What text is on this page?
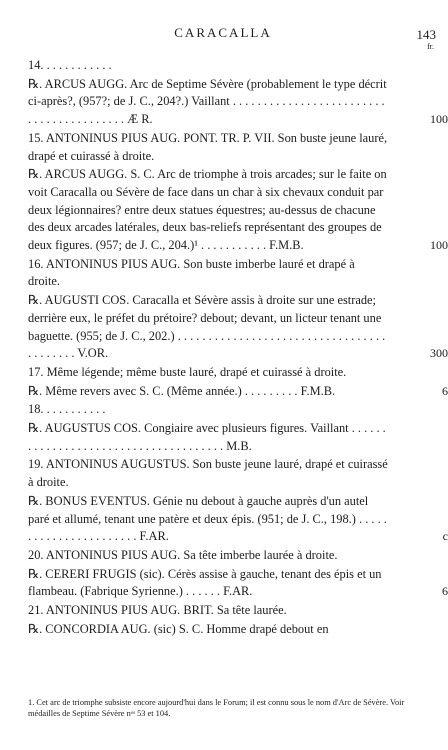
CARACALLA	143
fr.
14. . . . . . . . . . . .
℞. ARCUS AUGG. Arc de Septime Sévère (probablement le type décrit ci-après?, (957?; de J. C., 204?.) Vaillant . . . . . . . . . . . . . . . . . . . . . . . . . . . . . . . . . . . . . . . . . Æ R.	100
15. ANTONINUS PIUS AUG. PONT. TR. P. VII. Son buste jeune lauré, drapé et cuirassé à droite.
℞. ARCUS AUGG. S. C. Arc de triomphe à trois arcades; sur le faite on voit Caracalla ou Sévère de face dans un char à six chevaux conduit par deux légionnaires? entre deux statues équestres; au-dessus de chacune des deux arcades latérales, deux bas-reliefs représentant des groupes de deux figures. (957; de J. C., 204.)¹ . . . . . . . . . . . F.M.B.	100
16. ANTONINUS PIUS AUG. Son buste imberbe lauré et drapé à droite.
℞. AUGUSTI COS. Caracalla et Sévère assis à droite sur une estrade; derrière eux, le préfet du prétoire? debout; devant, un licteur tenant une baguette. (955; de J. C., 202.) . . . . . . . . . . . . . . . . . . . . . . . . . . . . . . . . . . . . . . . . . . V.OR.	300
17. Même légende; même buste lauré, drapé et cuirassé à droite.
℞. Même revers avec S. C. (Même année.) . . . . . . . . . F.M.B.	6
18. . . . . . . . . . .
℞. AUGUSTUS COS. Congiaire avec plusieurs figures. Vaillant . . . . . . . . . . . . . . . . . . . . . . . . . . . . . . . . . . . . . . M.B.
19. ANTONINUS AUGUSTUS. Son buste jeune lauré, drapé et cuirassé à droite.
℞. BONUS EVENTUS. Génie nu debout à gauche auprès d'un autel paré et allumé, tenant une patère et deux épis. (951; de J. C., 198.) . . . . . . . . . . . . . . . . . . . . . . . F.AR.	c
20. ANTONINUS PIUS AUG. Sa tête imberbe laurée à droite.
℞. CERERI FRUGIS (sic). Cérès assise à gauche, tenant des épis et un flambeau. (Fabrique Syrienne.) . . . . . . F.AR.	6
21. ANTONINUS PIUS AUG. BRIT. Sa tête laurée.
℞. CONCORDIA AUG. (sic) S. C. Homme drapé debout en
1. Cet arc de triomphe subsiste encore aujourd'hui dans le Forum; il est connu sous le nom d'Arc de Sévère. Voir médailles de Septime Sévère nᵒˢ 53 et 104.
